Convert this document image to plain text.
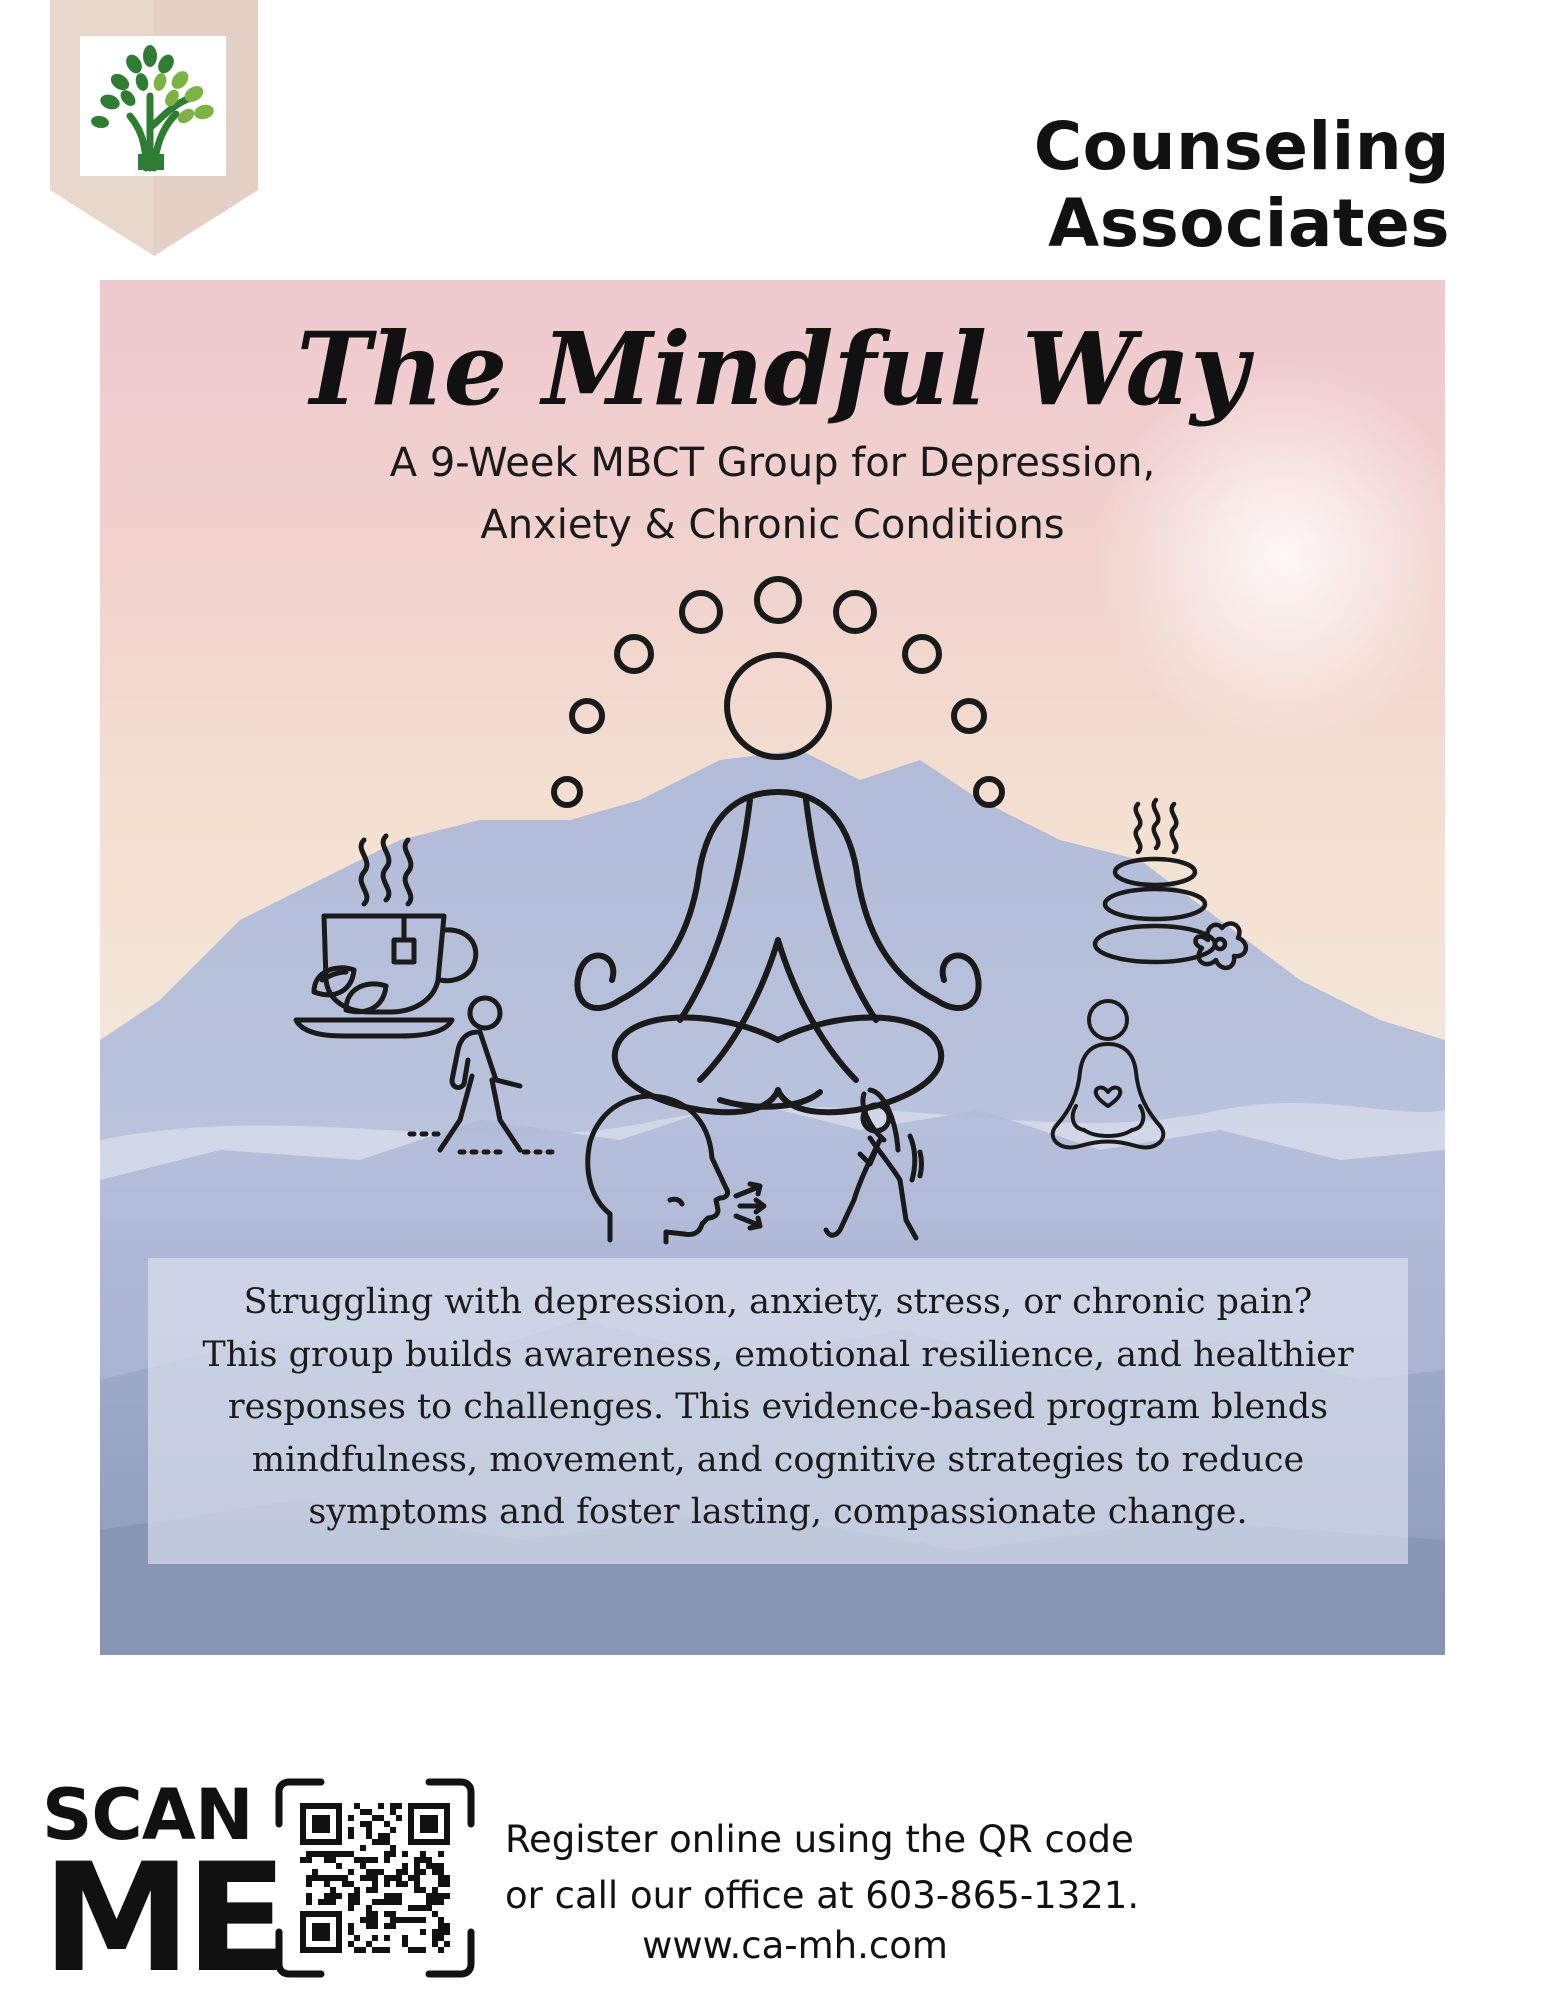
Counseling Associates
The Mindful Way
A 9-Week MBCT Group for Depression,
Anxiety & Chronic Conditions
Struggling with depression, anxiety, stress, or chronic pain?
This group builds awareness, emotional resilience, and healthier
responses to challenges. This evidence-based program blends
mindfulness, movement, and cognitive strategies to reduce
symptoms and foster lasting, compassionate change.
SCAN
ME	Register online using the QR code
or call our office at 603-865-1321.
www.ca-mh.com
